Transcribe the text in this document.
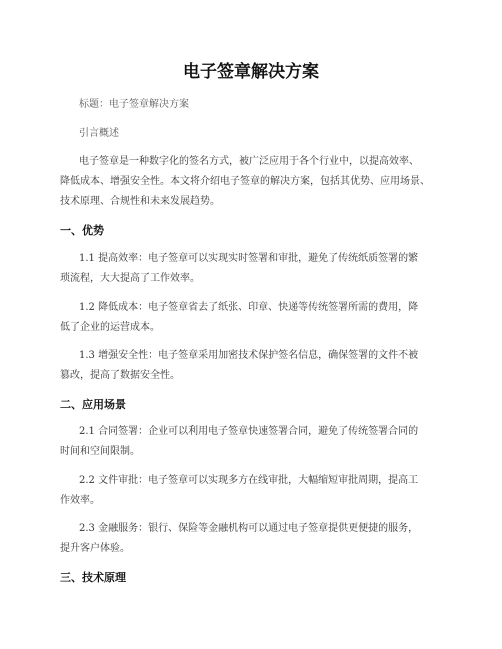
电子签章解决方案

标题：电子签章解决方案

引言概述

电子签章是一种数字化的签名方式，被广泛应用于各个行业中，以提高效率、

降低成本、增强安全性。本文将介绍电子签章的解决方案，包括其优势、应用场景、

技术原理、合规性和未来发展趋势。

一、优势

1.1 提高效率：电子签章可以实现实时签署和审批，避免了传统纸质签署的繁

琐流程，大大提高了工作效率。

1.2 降低成本：电子签章省去了纸张、印章、快递等传统签署所需的费用，降

低了企业的运营成本。

1.3 增强安全性：电子签章采用加密技术保护签名信息，确保签署的文件不被

篡改，提高了数据安全性。

二、应用场景

2.1 合同签署：企业可以利用电子签章快速签署合同，避免了传统签署合同的

时间和空间限制。

2.2 文件审批：电子签章可以实现多方在线审批，大幅缩短审批周期，提高工

作效率。

2.3 金融服务：银行、保险等金融机构可以通过电子签章提供更便捷的服务，

提升客户体验。

三、技术原理
